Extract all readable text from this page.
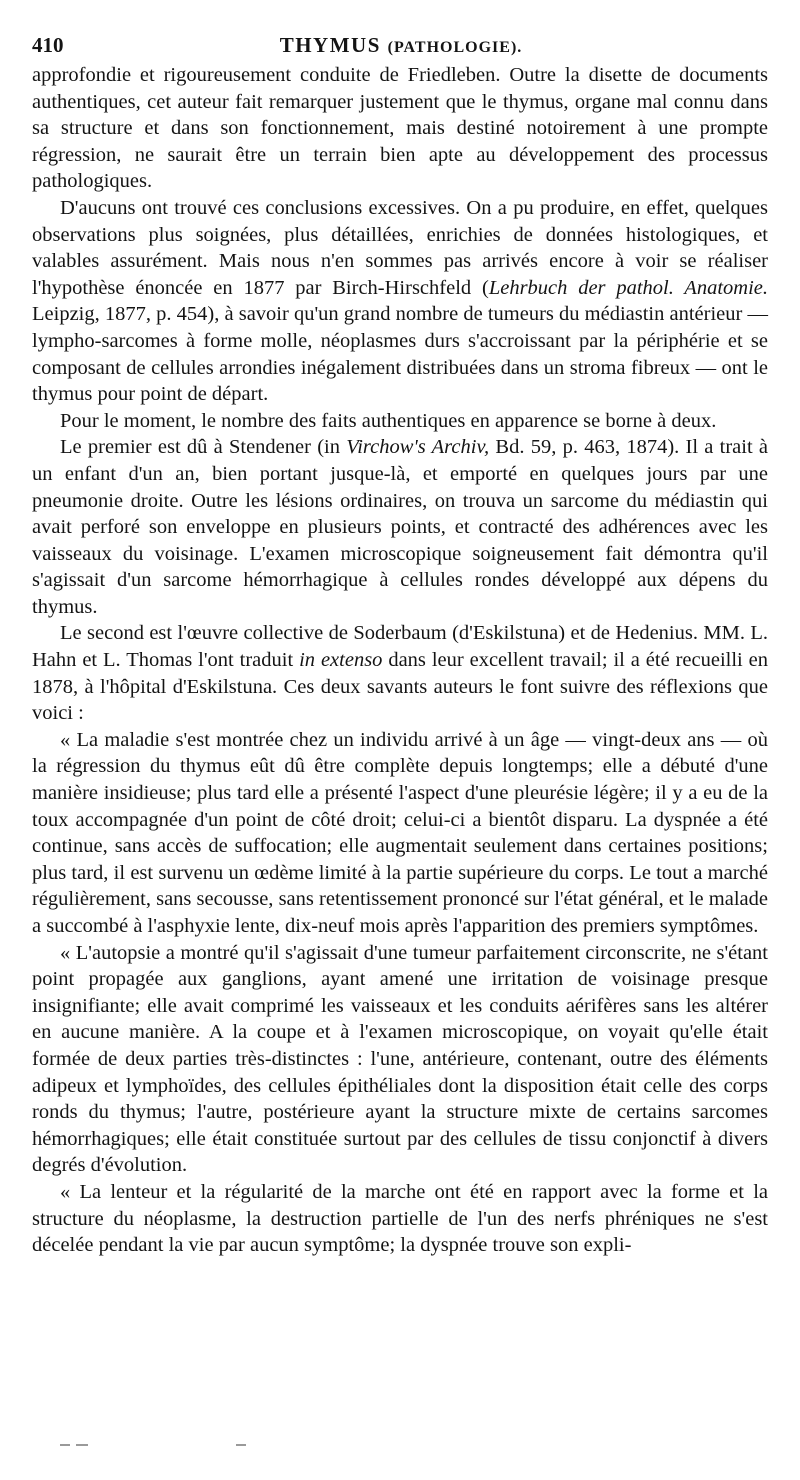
410	THYMUS (PATHOLOGIE).

approfondie et rigoureusement conduite de Friedleben. Outre la disette de documents authentiques, cet auteur fait remarquer justement que le thymus, organe mal connu dans sa structure et dans son fonctionnement, mais destiné notoirement à une prompte régression, ne saurait être un terrain bien apte au développement des processus pathologiques.

D'aucuns ont trouvé ces conclusions excessives. On a pu produire, en effet, quelques observations plus soignées, plus détaillées, enrichies de données histologiques, et valables assurément. Mais nous n'en sommes pas arrivés encore à voir se réaliser l'hypothèse énoncée en 1877 par Birch-Hirschfeld (Lehrbuch der pathol. Anatomie. Leipzig, 1877, p. 454), à savoir qu'un grand nombre de tumeurs du médiastin antérieur — lympho-sarcomes à forme molle, néoplasmes durs s'accroissant par la périphérie et se composant de cellules arrondies inégalement distribuées dans un stroma fibreux — ont le thymus pour point de départ.

Pour le moment, le nombre des faits authentiques en apparence se borne à deux.

Le premier est dû à Stendener (in Virchow's Archiv, Bd. 59, p. 463, 1874). Il a trait à un enfant d'un an, bien portant jusque-là, et emporté en quelques jours par une pneumonie droite. Outre les lésions ordinaires, on trouva un sarcome du médiastin qui avait perforé son enveloppe en plusieurs points, et contracté des adhérences avec les vaisseaux du voisinage. L'examen microscopique soigneusement fait démontra qu'il s'agissait d'un sarcome hémorrhagique à cellules rondes développé aux dépens du thymus.

Le second est l'œuvre collective de Soderbaum (d'Eskilstuna) et de Hedenius. MM. L. Hahn et L. Thomas l'ont traduit in extenso dans leur excellent travail; il a été recueilli en 1878, à l'hôpital d'Eskilstuna. Ces deux savants auteurs le font suivre des réflexions que voici :

« La maladie s'est montrée chez un individu arrivé à un âge — vingt-deux ans — où la régression du thymus eût dû être complète depuis longtemps; elle a débuté d'une manière insidieuse; plus tard elle a présenté l'aspect d'une pleurésie légère; il y a eu de la toux accompagnée d'un point de côté droit; celui-ci a bientôt disparu. La dyspnée a été continue, sans accès de suffocation; elle augmentait seulement dans certaines positions; plus tard, il est survenu un œdème limité à la partie supérieure du corps. Le tout a marché régulièrement, sans secousse, sans retentissement prononcé sur l'état général, et le malade a succombé à l'asphyxie lente, dix-neuf mois après l'apparition des premiers symptômes.

« L'autopsie a montré qu'il s'agissait d'une tumeur parfaitement circonscrite, ne s'étant point propagée aux ganglions, ayant amené une irritation de voisinage presque insignifiante; elle avait comprimé les vaisseaux et les conduits aérifères sans les altérer en aucune manière. A la coupe et à l'examen microscopique, on voyait qu'elle était formée de deux parties très-distinctes : l'une, antérieure, contenant, outre des éléments adipeux et lymphoïdes, des cellules épithéliales dont la disposition était celle des corps ronds du thymus; l'autre, postérieure ayant la structure mixte de certains sarcomes hémorrhagiques; elle était constituée surtout par des cellules de tissu conjonctif à divers degrés d'évolution.

« La lenteur et la régularité de la marche ont été en rapport avec la forme et la structure du néoplasme, la destruction partielle de l'un des nerfs phréniques ne s'est décelée pendant la vie par aucun symptôme; la dyspnée trouve son expli-
